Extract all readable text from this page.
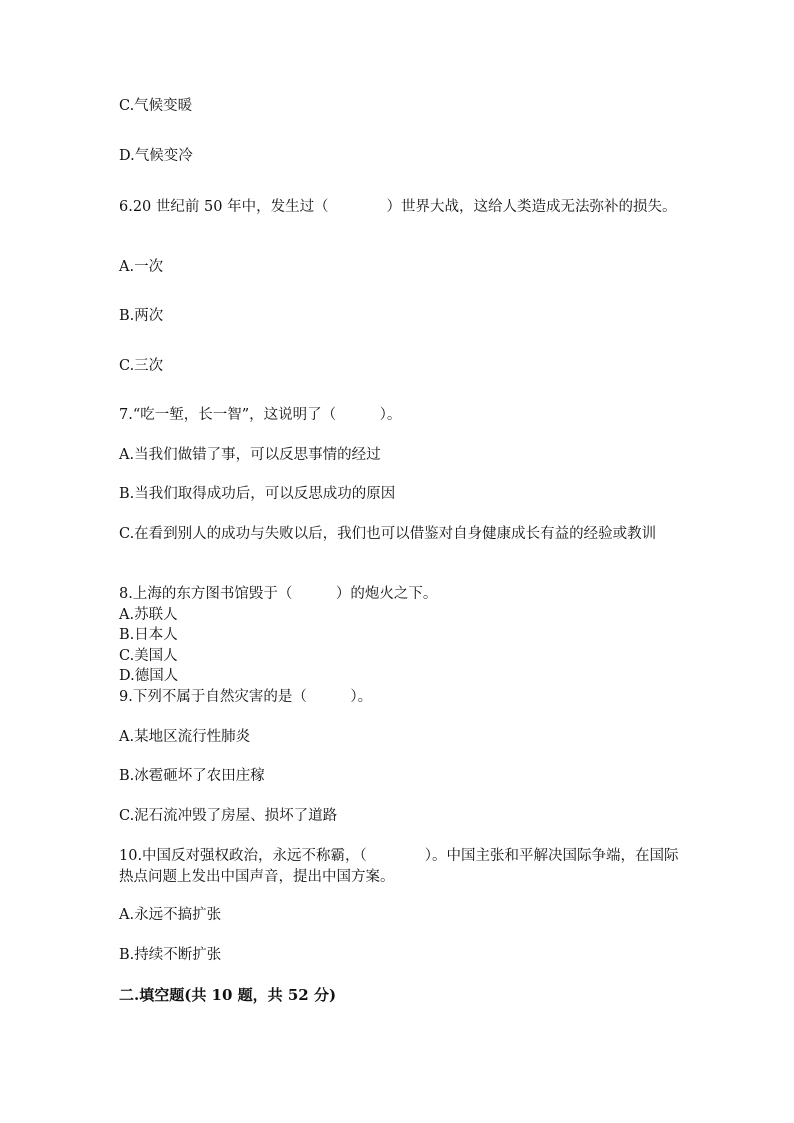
C.气候变暖
D.气候变冷
6.20 世纪前 50 年中，发生过（　　　　）世界大战，这给人类造成无法弥补的损失。
A.一次
B.两次
C.三次
7.“吃一堑，长一智”，这说明了（　　　）。
A.当我们做错了事，可以反思事情的经过
B.当我们取得成功后，可以反思成功的原因
C.在看到别人的成功与失败以后，我们也可以借鉴对自身健康成长有益的经验或教训
8.上海的东方图书馆毁于（　　　）的炮火之下。
A.苏联人
B.日本人
C.美国人
D.德国人
9.下列不属于自然灾害的是（　　　）。
A.某地区流行性肺炎
B.冰雹砸坏了农田庄稼
C.泥石流冲毁了房屋、损坏了道路
10.中国反对强权政治，永远不称霸，（　　　　）。中国主张和平解决国际争端，在国际热点问题上发出中国声音，提出中国方案。
A.永远不搞扩张
B.持续不断扩张
二.填空题(共 10 题，共 52 分)
